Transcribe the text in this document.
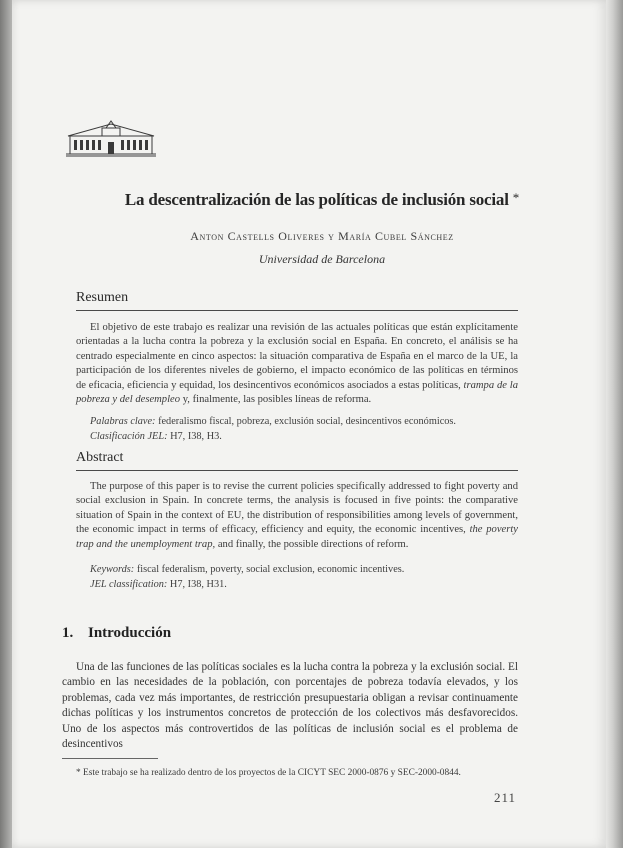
La descentralización de las políticas de inclusión social *
Anton Castells Oliveres y María Cubel Sánchez
Universidad de Barcelona
Resumen

El objetivo de este trabajo es realizar una revisión de las actuales políticas que están explícitamente orientadas a la lucha contra la pobreza y la exclusión social en España. En concreto, el análisis se ha centrado especialmente en cinco aspectos: la situación comparativa de España en el marco de la UE, la participación de los diferentes niveles de gobierno, el impacto económico de las políticas en términos de eficacia, eficiencia y equidad, los desincentivos económicos asociados a estas políticas, trampa de la pobreza y del desempleo y, finalmente, las posibles líneas de reforma.

Palabras clave: federalismo fiscal, pobreza, exclusión social, desincentivos económicos.
Clasificación JEL: H7, I38, H3.
Abstract

The purpose of this paper is to revise the current policies specifically addressed to fight poverty and social exclusion in Spain. In concrete terms, the analysis is focused in five points: the comparative situation of Spain in the context of EU, the distribution of responsibilities among levels of government, the economic impact in terms of efficacy, efficiency and equity, the economic incentives, the poverty trap and the unemployment trap, and finally, the possible directions of reform.

Keywords: fiscal federalism, poverty, social exclusion, economic incentives.
JEL classification: H7, I38, H31.
1. Introducción

Una de las funciones de las políticas sociales es la lucha contra la pobreza y la exclusión social. El cambio en las necesidades de la población, con porcentajes de pobreza todavía elevados, y los problemas, cada vez más importantes, de restricción presupuestaria obligan a revisar continuamente dichas políticas y los instrumentos concretos de protección de los colectivos más desfavorecidos. Uno de los aspectos más controvertidos de las políticas de inclusión social es el problema de desincentivos

* Este trabajo se ha realizado dentro de los proyectos de la CICYT SEC 2000-0876 y SEC-2000-0844.
211
